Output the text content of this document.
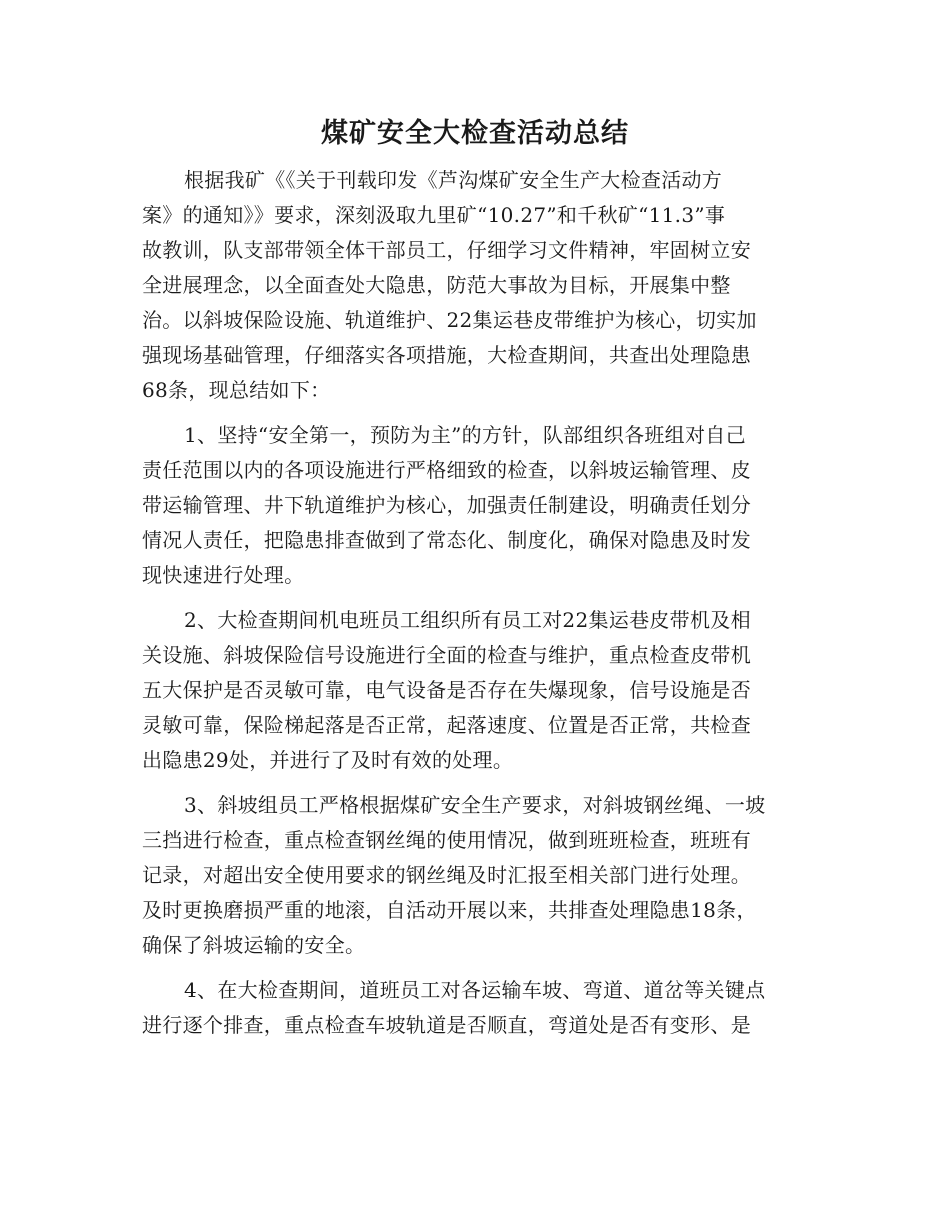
煤矿安全大检查活动总结
根据我矿《《关于刊载印发《芦沟煤矿安全生产大检查活动方
案》的通知》》要求，深刻汲取九里矿“10.27”和千秋矿“11.3”事
故教训，队支部带领全体干部员工，仔细学习文件精神，牢固树立安
全进展理念，以全面查处大隐患，防范大事故为目标，开展集中整
治。以斜坡保险设施、轨道维护、22集运巷皮带维护为核心，切实加
强现场基础管理，仔细落实各项措施，大检查期间，共查出处理隐患
68条，现总结如下：
1、坚持“安全第一，预防为主”的方针，队部组织各班组对自己
责任范围以内的各项设施进行严格细致的检查，以斜坡运输管理、皮
带运输管理、井下轨道维护为核心，加强责任制建设，明确责任划分
情况人责任，把隐患排查做到了常态化、制度化，确保对隐患及时发
现快速进行处理。
2、大检查期间机电班员工组织所有员工对22集运巷皮带机及相
关设施、斜坡保险信号设施进行全面的检查与维护，重点检查皮带机
五大保护是否灵敏可靠，电气设备是否存在失爆现象，信号设施是否
灵敏可靠，保险梯起落是否正常，起落速度、位置是否正常，共检查
出隐患29处，并进行了及时有效的处理。
3、斜坡组员工严格根据煤矿安全生产要求，对斜坡钢丝绳、一坡
三挡进行检查，重点检查钢丝绳的使用情况，做到班班检查，班班有
记录，对超出安全使用要求的钢丝绳及时汇报至相关部门进行处理。
及时更换磨损严重的地滚，自活动开展以来，共排查处理隐患18条，
确保了斜坡运输的安全。
4、在大检查期间，道班员工对各运输车坡、弯道、道岔等关键点
进行逐个排查，重点检查车坡轨道是否顺直，弯道处是否有变形、是
